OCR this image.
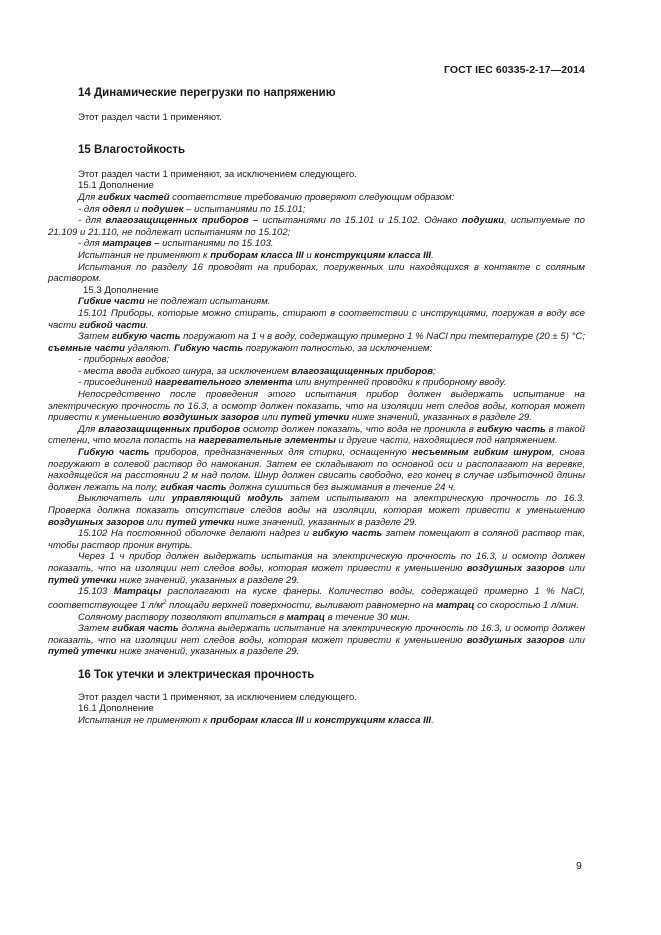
ГОСТ IEC 60335-2-17—2014
14 Динамические перегрузки по напряжению

Этот раздел части 1 применяют.

15 Влагостойкость

Этот раздел части 1 применяют, за исключением следующего.

15.1 Дополнение

Для гибких частей соответствие требованию проверяют следующим образом:

- для одеял и подушек – испытаниями по 15.101;

- для влагозащищенных приборов – испытаниями по 15.101 и 15.102. Однако подушки, испытуемые по 21.109 и 21.110, не подлежат испытаниям по 15.102;

- для матрацев – испытаниями по 15.103.

Испытания не применяют к приборам класса III и конструкциям класса III.

Испытания по разделу 16 проводят на приборах, погруженных или находящихся в контакте с соляным раствором.

15.3 Дополнение

Гибкие части не подлежат испытаниям.

15.101 Приборы, которые можно стирать, стирают в соответствии с инструкциями, погружая в воду все части гибкой части.

Затем гибкую часть погружают на 1 ч в воду, содержащую примерно 1 % NaCl при температуре (20 ± 5) °С; съемные части удаляют. Гибкую часть погружают полностью, за исключением:

- приборных вводов;

- места ввода гибкого шнура, за исключением влагозащищенных приборов;

- присоединений нагревательного элемента или внутренней проводки к приборному вводу.

Непосредственно после проведения этого испытания прибор должен выдержать испытание на электрическую прочность по 16.3, а осмотр должен показать, что на изоляции нет следов воды, которая может привести к уменьшению воздушных зазоров или путей утечки ниже значений, указанных в разделе 29.

Для влагозащищенных приборов осмотр должен показать, что вода не проникла в гибкую часть в такой степени, что могла попасть на нагревательные элементы и другие части, находящиеся под напряжением.

Гибкую часть приборов, предназначенных для стирки, оснащенную несъемным гибким шнуром, снова погружают в солевой раствор до намокания. Затем ее складывают по основной оси и располагают на веревке, находящейся на расстоянии 2 м над полом. Шнур должен свисать свободно, его конец в случае избыточной длины должен лежать на полу, гибкая часть должна сушиться без выжимания в течение 24 ч.

Выключатель или управляющий модуль затем испытывают на электрическую прочность по 16.3. Проверка должна показать отсутствие следов воды на изоляции, которая может привести к уменьшению воздушных зазоров или путей утечки ниже значений, указанных в разделе 29.

15.102 На постоянной оболочке делают надрез и гибкую часть затем помещают в соляной раствор так, чтобы раствор проник внутрь.

Через 1 ч прибор должен выдержать испытания на электрическую прочность по 16.3, и осмотр должен показать, что на изоляции нет следов воды, которая может привести к уменьшению воздушных зазоров или путей утечки ниже значений, указанных в разделе 29.

15.103 Матрацы располагают на куске фанеры. Количество воды, содержащей примерно 1 % NaCl, соответствующее 1 $л/м^2$ площади верхней поверхности, выливают равномерно на матрац со скоростью 1 л/мин.

Соляному раствору позволяют впитаться в матрац в течение 30 мин.

Затем гибкая часть должна выдержать испытание на электрическую прочность по 16.3, и осмотр должен показать, что на изоляции нет следов воды, которая может привести к уменьшению воздушных зазоров или путей утечки ниже значений, указанных в разделе 29.

16 Ток утечки и электрическая прочность

Этот раздел части 1 применяют, за исключением следующего.

16.1 Дополнение

Испытания не применяют к приборам класса III и конструкциям класса III.

9
